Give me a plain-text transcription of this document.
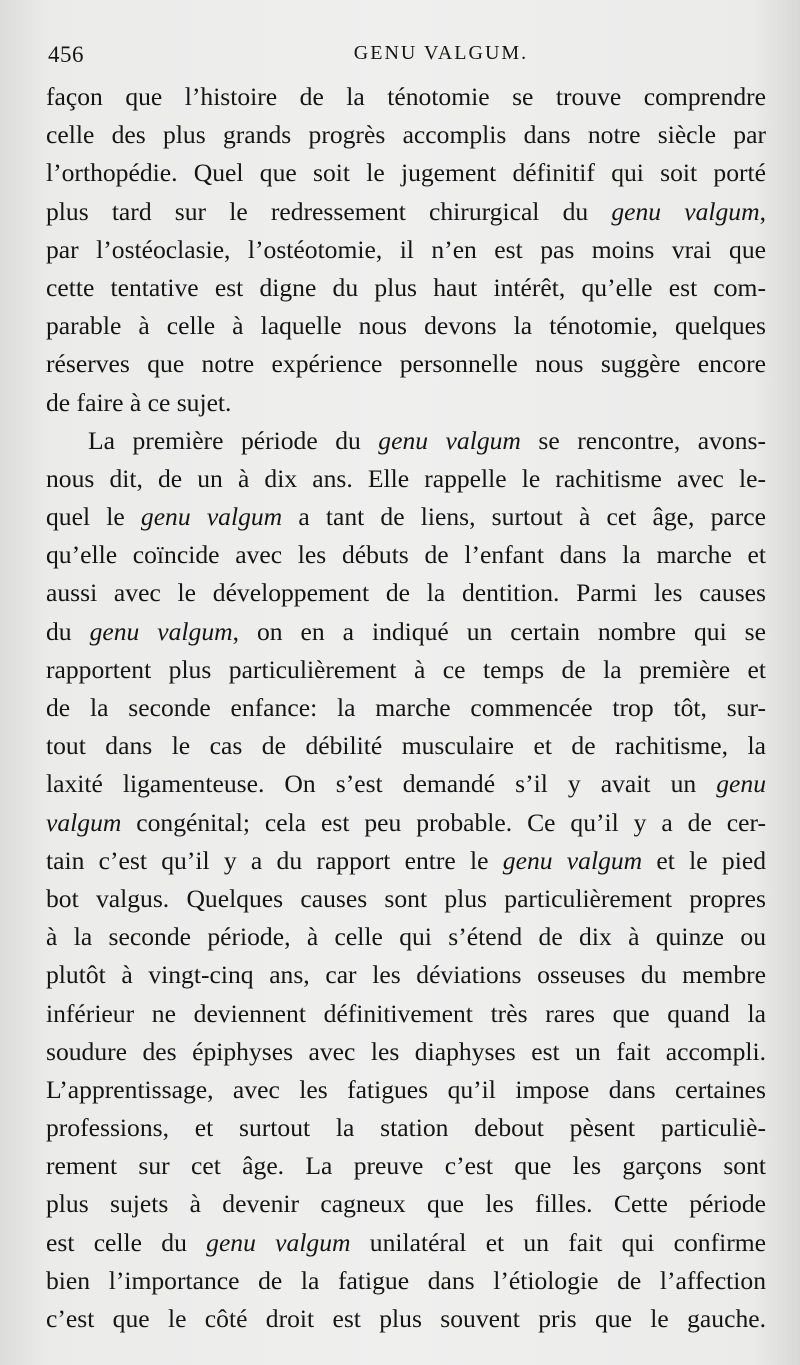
456	GENU VALGUM.
façon que l’histoire de la ténotomie se trouve comprendre
celle des plus grands progrès accomplis dans notre siècle par
l’orthopédie. Quel que soit le jugement définitif qui soit porté
plus tard sur le redressement chirurgical du genu valgum,
par l’ostéoclasie, l’ostéotomie, il n’en est pas moins vrai que
cette tentative est digne du plus haut intérêt, qu’elle est com-
parable à celle à laquelle nous devons la ténotomie, quelques
réserves que notre expérience personnelle nous suggère encore
de faire à ce sujet.
La première période du genu valgum se rencontre, avons-
nous dit, de un à dix ans. Elle rappelle le rachitisme avec le-
quel le genu valgum a tant de liens, surtout à cet âge, parce
qu’elle coïncide avec les débuts de l’enfant dans la marche et
aussi avec le développement de la dentition. Parmi les causes
du genu valgum, on en a indiqué un certain nombre qui se
rapportent plus particulièrement à ce temps de la première et
de la seconde enfance: la marche commencée trop tôt, sur-
tout dans le cas de débilité musculaire et de rachitisme, la
laxité ligamenteuse. On s’est demandé s’il y avait un genu
valgum congénital; cela est peu probable. Ce qu’il y a de cer-
tain c’est qu’il y a du rapport entre le genu valgum et le pied
bot valgus. Quelques causes sont plus particulièrement propres
à la seconde période, à celle qui s’étend de dix à quinze ou
plutôt à vingt-cinq ans, car les déviations osseuses du membre
inférieur ne deviennent définitivement très rares que quand la
soudure des épiphyses avec les diaphyses est un fait accompli.
L’apprentissage, avec les fatigues qu’il impose dans certaines
professions, et surtout la station debout pèsent particuliè-
rement sur cet âge. La preuve c’est que les garçons sont
plus sujets à devenir cagneux que les filles. Cette période
est celle du genu valgum unilatéral et un fait qui confirme
bien l’importance de la fatigue dans l’étiologie de l’affection
c’est que le côté droit est plus souvent pris que le gauche.
